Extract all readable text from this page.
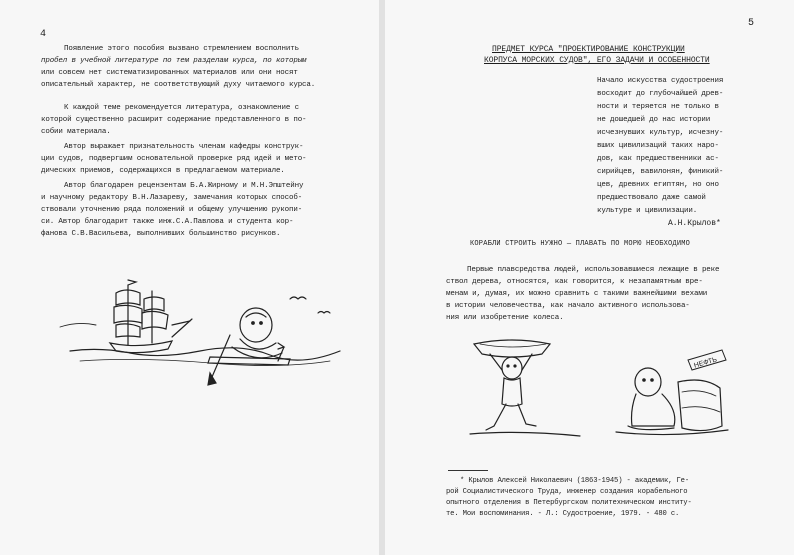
4
Появление этого пособия вызвано стремлением восполнить
пробел в учебной литературе по тем разделам курса, по которым
или совсем нет систематизированных материалов или они носят
описательный характер, не соответствующий духу читаемого курса.
К каждой теме рекомендуется литература, ознакомление с
которой существенно расширит содержание представленного в по-
собии материала.
Автор выражает признательность членам кафедры конструк-
ции судов, подвергшим основательной проверке ряд идей и мето-
дических приемов, содержащихся в предлагаемом материале.
Автор благодарен рецензентам Б.А.Жирному и М.Н.Эпштейну
и научному редактору В.Н.Лазареву, замечания которых способ-
ствовали уточнению ряда положений и общему улучшению рукопи-
си. Автор благодарит также инж.С.А.Павлова и студента кор-
фанова С.В.Васильева, выполнивших большинство рисунков.
5
ПРЕДМЕТ КУРСА "ПРОЕКТИРОВАНИЕ КОНСТРУКЦИИ
КОРПУСА МОРСКИХ СУДОВ", ЕГО ЗАДАЧИ И ОСОБЕННОСТИ
Начало искусства судостроения
восходит до глубочайшей древ-
ности и теряется не только в
не дошедшей до нас истории
исчезнувших культур, исчезну-
вших цивилизаций таких наро-
дов, как предшественники ас-
сирийцев, вавилонян, финикий-
цев, древних египтян, но оно
предшествовало даже самой
культуре и цивилизации.
А.Н.Крылов*
КОРАБЛИ СТРОИТЬ НУЖНО — ПЛАВАТЬ ПО МОРЮ НЕОБХОДИМО
Первые плавсредства людей, использовавшиеся лежащие в реке
ствол дерева, относятся, как говорится, к незапамятным вре-
менам и, думая, их можно сравнить с такими важнейшими вехами
в истории человечества, как начало активного использова-
ния или изобретение колеса.
НЕФТЬ
* Крылов Алексей Николаевич (1863-1945) - академик, Ге-
рой Социалистического Труда, инженер создания корабельного
опытного отделения в Петербургском политехническом институ-
те. Мои воспоминания. - Л.: Судостроение, 1979. - 480 с.
